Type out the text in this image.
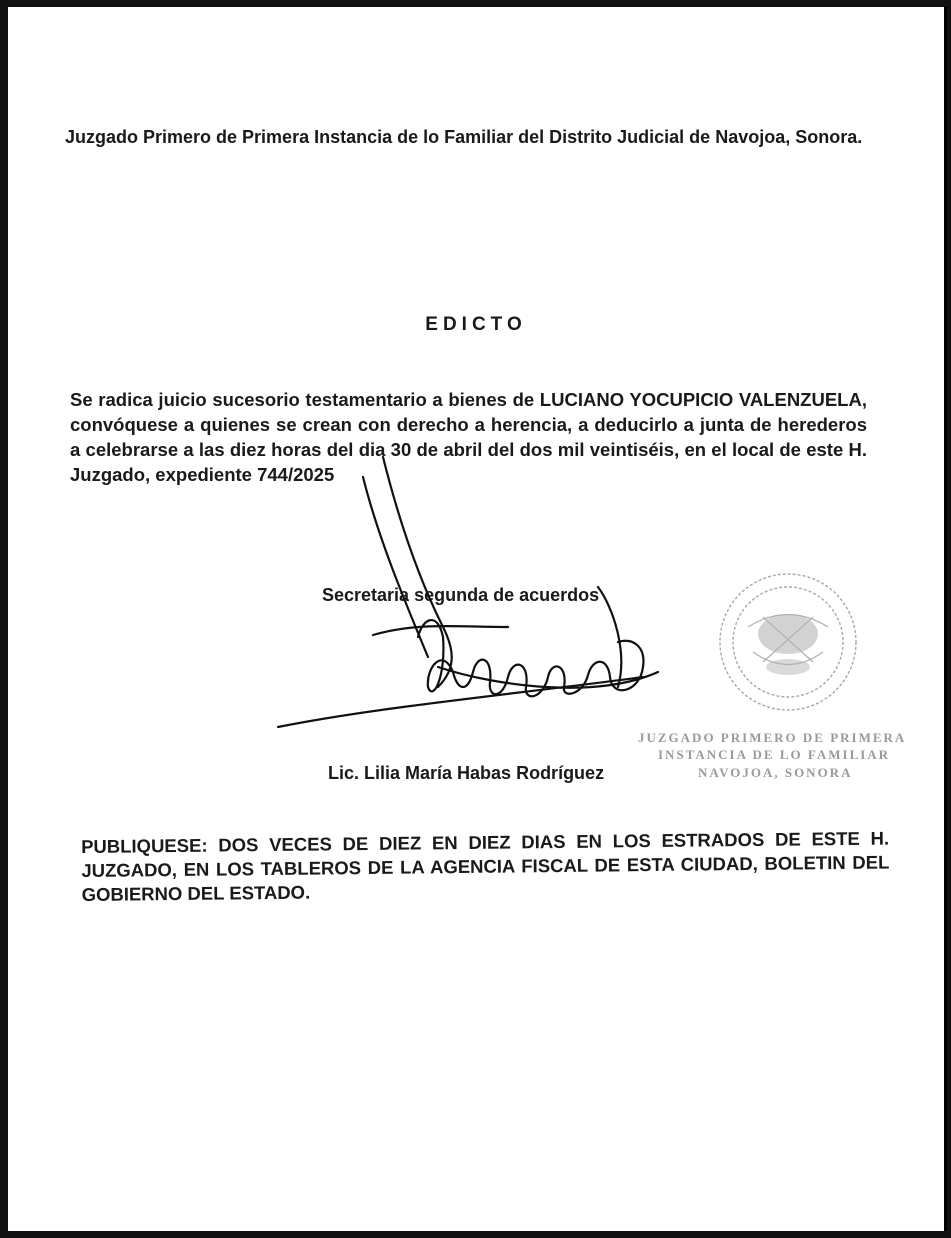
Juzgado Primero de Primera Instancia de lo Familiar del Distrito Judicial de Navojoa, Sonora.
EDICTO
Se radica juicio sucesorio testamentario a bienes de LUCIANO YOCUPICIO VALENZUELA, convóquese a quienes se crean con derecho a herencia, a deducirlo a junta de herederos a celebrarse a las diez horas del dia 30 de abril del dos mil veintiséis, en el local de este H. Juzgado, expediente 744/2025
Secretaria segunda de acuerdos
JUZGADO PRIMERO DE PRIMERA
INSTANCIA DE LO FAMILIAR
NAVOJOA, SONORA
Lic. Lilia María Habas Rodríguez
PUBLIQUESE: DOS VECES DE DIEZ EN DIEZ DIAS EN LOS ESTRADOS DE ESTE H. JUZGADO, EN LOS TABLEROS DE LA AGENCIA FISCAL DE ESTA CIUDAD, BOLETIN DEL GOBIERNO DEL ESTADO.
